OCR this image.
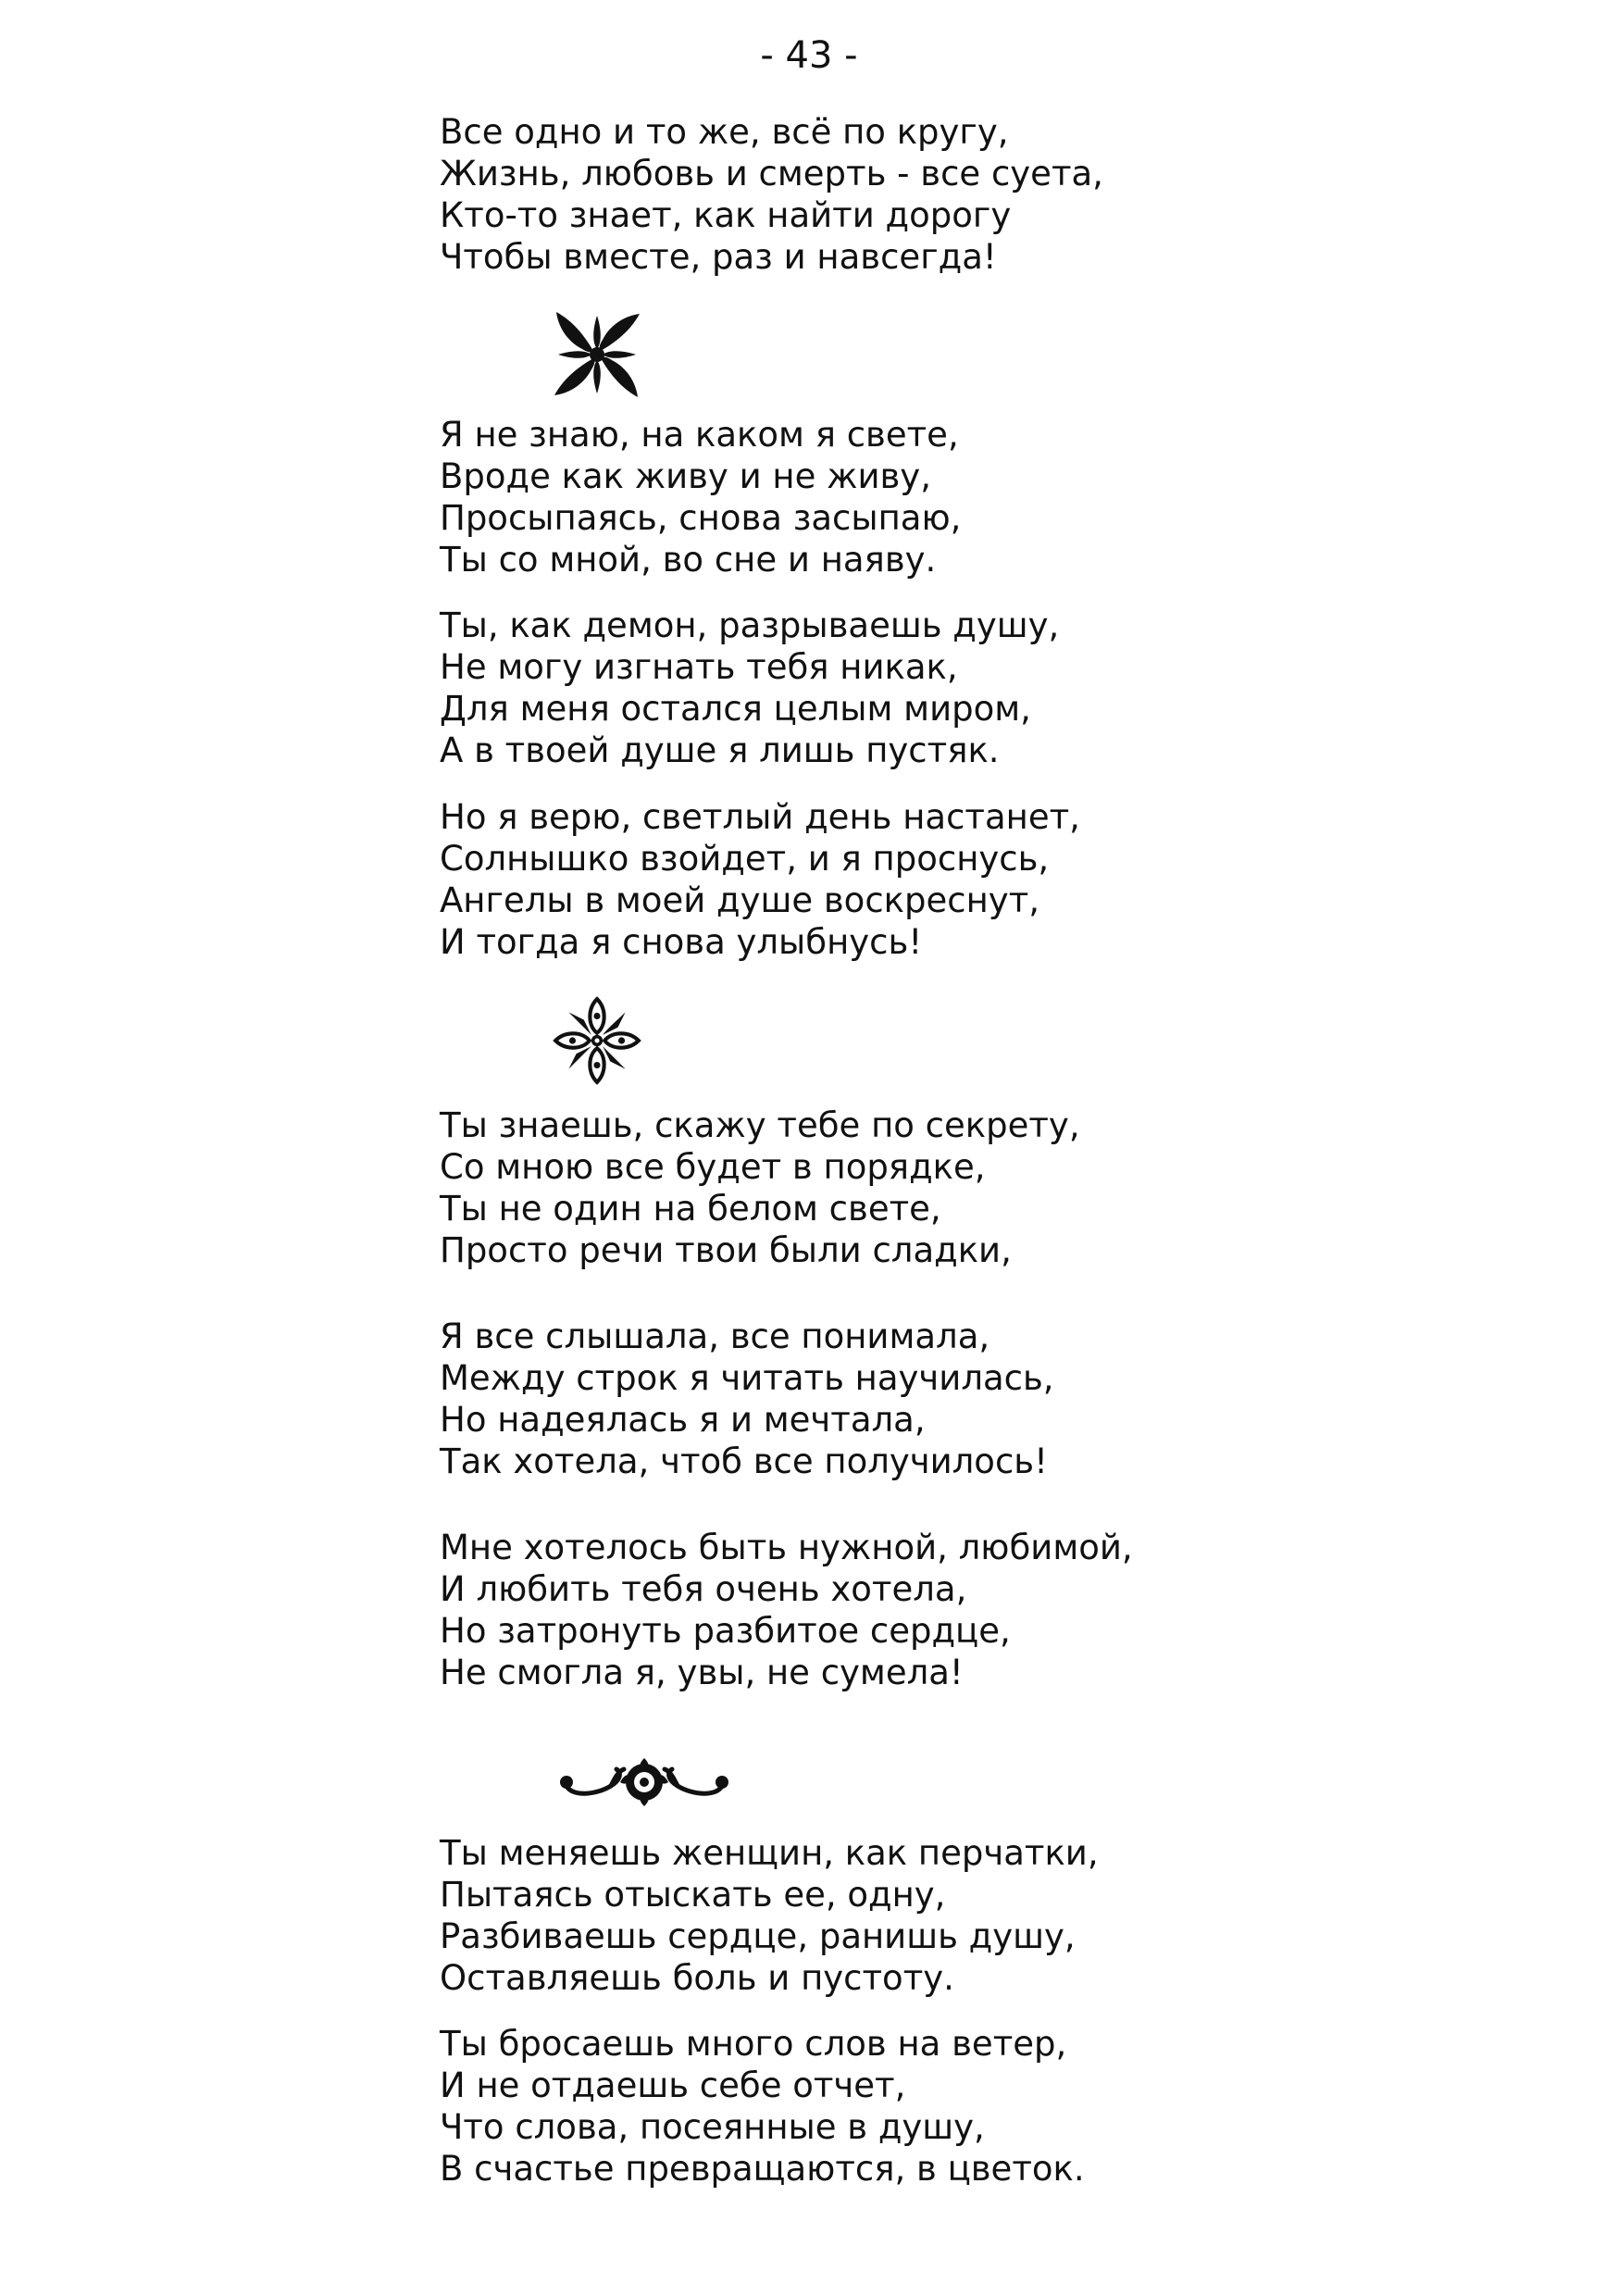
- 43 -
Все одно и то же, всё по кругу,
Жизнь, любовь и смерть - все суета,
Кто-то знает, как найти дорогу
Чтобы вместе, раз и навсегда!
Я не знаю, на каком я свете,
Вроде как живу и не живу,
Просыпаясь, снова засыпаю,
Ты со мной, во сне и наяву.
Ты, как демон, разрываешь душу,
Не могу изгнать тебя никак,
Для меня остался целым миром,
А в твоей душе я лишь пустяк.
Но я верю, светлый день настанет,
Солнышко взойдет, и я проснусь,
Ангелы в моей душе воскреснут,
И тогда я снова улыбнусь!
Ты знаешь, скажу тебе по секрету,
Со мною все будет в порядке,
Ты не один на белом свете,
Просто речи твои были сладки,
Я все слышала, все понимала,
Между строк я читать научилась,
Но надеялась я и мечтала,
Так хотела, чтоб все получилось!
Мне хотелось быть нужной, любимой,
И любить тебя очень хотела,
Но затронуть разбитое сердце,
Не смогла я, увы, не сумела!
Ты меняешь женщин, как перчатки,
Пытаясь отыскать ее, одну,
Разбиваешь сердце, ранишь душу,
Оставляешь боль и пустоту.
Ты бросаешь много слов на ветер,
И не отдаешь себе отчет,
Что слова, посеянные в душу,
В счастье превращаются, в цветок.
